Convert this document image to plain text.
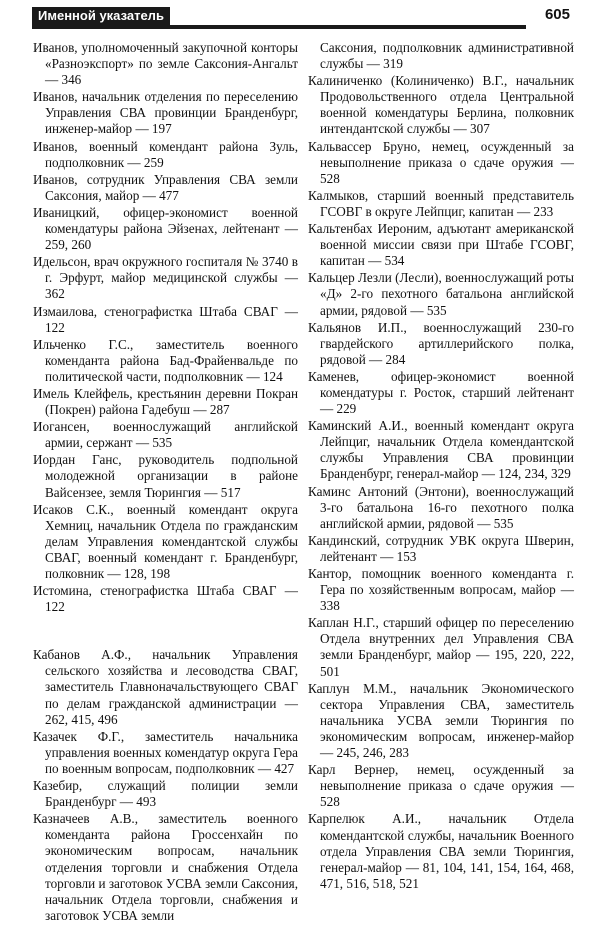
Именной указатель	605

Иванов, уполномоченный закупочной конторы «Разноэкспорт» по земле Саксония-Ангальт — 346

Иванов, начальник отделения по переселению Управления СВА провинции Бранденбург, инженер-майор — 197

Иванов, военный комендант района Зуль, подполковник — 259

Иванов, сотрудник Управления СВА земли Саксония, майор — 477

Иваницкий, офицер-экономист военной комендатуры района Эйзенах, лейтенант — 259, 260

Идельсон, врач окружного госпиталя № 3740 в г. Эрфурт, майор медицинской службы — 362

Измаилова, стенографистка Штаба СВАГ — 122

Ильченко Г.С., заместитель военного коменданта района Бад-Фрайенвальде по политической части, подполковник — 124

Имель Клейфель, крестьянин деревни Покран (Покрен) района Гадебуш — 287

Иогансен, военнослужащий английской армии, сержант — 535

Иордан Ганс, руководитель подпольной молодежной организации в районе Вайсензее, земля Тюрингия — 517

Исаков С.К., военный комендант округа Хемниц, начальник Отдела по гражданским делам Управления комендантской службы СВАГ, военный комендант г. Бранденбург, полковник — 128, 198

Истомина, стенографистка Штаба СВАГ — 122

Кабанов А.Ф., начальник Управления сельского хозяйства и лесоводства СВАГ, заместитель Главноначальствующего СВАГ по делам гражданской администрации — 262, 415, 496

Казачек Ф.Г., заместитель начальника управления военных комендатур округа Гера по военным вопросам, подполковник — 427

Казебир, служащий полиции земли Бранденбург — 493

Казначеев А.В., заместитель военного коменданта района Гроссенхайн по экономическим вопросам, начальник отделения торговли и снабжения Отдела торговли и заготовок УСВА земли Саксония, начальник Отдела торговли, снабжения и заготовок УСВА земли

Саксония, подполковник административной службы — 319

Калиниченко (Колиниченко) В.Г., начальник Продовольственного отдела Центральной военной комендатуры Берлина, полковник интендантской службы — 307

Кальвассер Бруно, немец, осужденный за невыполнение приказа о сдаче оружия — 528

Калмыков, старший военный представитель ГСОВГ в округе Лейпциг, капитан — 233

Кальтенбах Иероним, адъютант американской военной миссии связи при Штабе ГСОВГ, капитан — 534

Кальцер Лезли (Лесли), военнослужащий роты «Д» 2-го пехотного батальона английской армии, рядовой — 535

Кальянов И.П., военнослужащий 230-го гвардейского артиллерийского полка, рядовой — 284

Каменев, офицер-экономист военной комендатуры г. Росток, старший лейтенант — 229

Каминский А.И., военный комендант округа Лейпциг, начальник Отдела комендантской службы Управления СВА провинции Бранденбург, генерал-майор — 124, 234, 329

Каминс Антоний (Энтони), военнослужащий 3-го батальона 16-го пехотного полка английской армии, рядовой — 535

Кандинский, сотрудник УВК округа Шверин, лейтенант — 153

Кантор, помощник военного коменданта г. Гера по хозяйственным вопросам, майор — 338

Каплан Н.Г., старший офицер по переселению Отдела внутренних дел Управления СВА земли Бранденбург, майор — 195, 220, 222, 501

Каплун М.М., начальник Экономического сектора Управления СВА, заместитель начальника УСВА земли Тюрингия по экономическим вопросам, инженер-майор — 245, 246, 283

Карл Вернер, немец, осужденный за невыполнение приказа о сдаче оружия — 528

Карпелюк А.И., начальник Отдела комендантской службы, начальник Военного отдела Управления СВА земли Тюрингия, генерал-майор — 81, 104, 141, 154, 164, 468, 471, 516, 518, 521
